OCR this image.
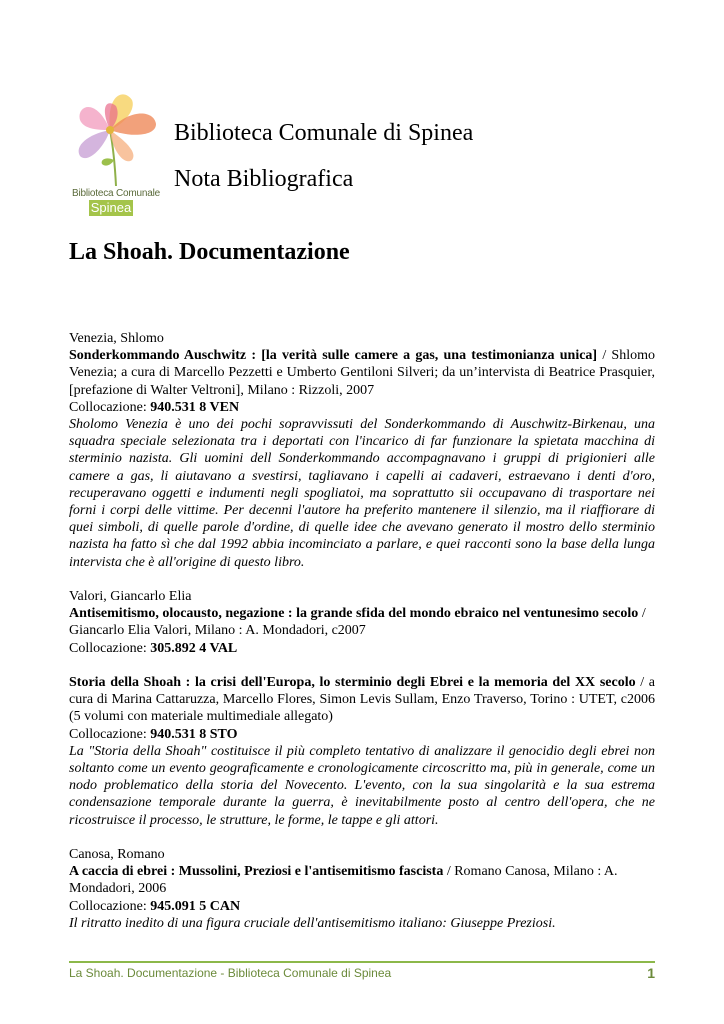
Biblioteca Comunale
Spinea
Biblioteca Comunale di Spinea
Nota Bibliografica
La Shoah. Documentazione

Venezia, Shlomo

Sonderkommando Auschwitz : [la verità sulle camere a gas, una testimonianza unica] / Shlomo Venezia; a cura di Marcello Pezzetti e Umberto Gentiloni Silveri; da un’intervista di Beatrice Prasquier, [prefazione di Walter Veltroni], Milano : Rizzoli, 2007

Collocazione: 940.531 8 VEN

Sholomo Venezia è uno dei pochi sopravvissuti del Sonderkommando di Auschwitz-Birkenau, una squadra speciale selezionata tra i deportati con l'incarico di far funzionare la spietata macchina di sterminio nazista. Gli uomini dell Sonderkommando accompagnavano i gruppi di prigionieri alle camere a gas, li aiutavano a svestirsi, tagliavano i capelli ai cadaveri, estraevano i denti d'oro, recuperavano oggetti e indumenti negli spogliatoi, ma soprattutto sii occupavano di trasportare nei forni i corpi delle vittime. Per decenni l'autore ha preferito mantenere il silenzio, ma il riaffiorare di quei simboli, di quelle parole d'ordine, di quelle idee che avevano generato il mostro dello sterminio nazista ha fatto sì che dal 1992 abbia incominciato a parlare, e quei racconti sono la base della lunga intervista che è all'origine di questo libro.

Valori, Giancarlo Elia

Antisemitismo, olocausto, negazione : la grande sfida del mondo ebraico nel ventunesimo secolo / Giancarlo Elia Valori, Milano : A. Mondadori, c2007

Collocazione: 305.892 4 VAL

Storia della Shoah : la crisi dell'Europa, lo sterminio degli Ebrei e la memoria del XX secolo / a cura di Marina Cattaruzza, Marcello Flores, Simon Levis Sullam, Enzo Traverso, Torino : UTET, c2006 (5 volumi con materiale multimediale allegato)

Collocazione: 940.531 8 STO

La "Storia della Shoah" costituisce il più completo tentativo di analizzare il genocidio degli ebrei non soltanto come un evento geograficamente e cronologicamente circoscritto ma, più in generale, come un nodo problematico della storia del Novecento. L'evento, con la sua singolarità e la sua estrema condensazione temporale durante la guerra, è inevitabilmente posto al centro dell'opera, che ne ricostruisce il processo, le strutture, le forme, le tappe e gli attori.

Canosa, Romano

A caccia di ebrei : Mussolini, Preziosi e l'antisemitismo fascista / Romano Canosa, Milano : A. Mondadori, 2006

Collocazione: 945.091 5 CAN

Il ritratto inedito di una figura cruciale dell'antisemitismo italiano: Giuseppe Preziosi.

La Shoah. Documentazione - Biblioteca Comunale di Spinea	1
